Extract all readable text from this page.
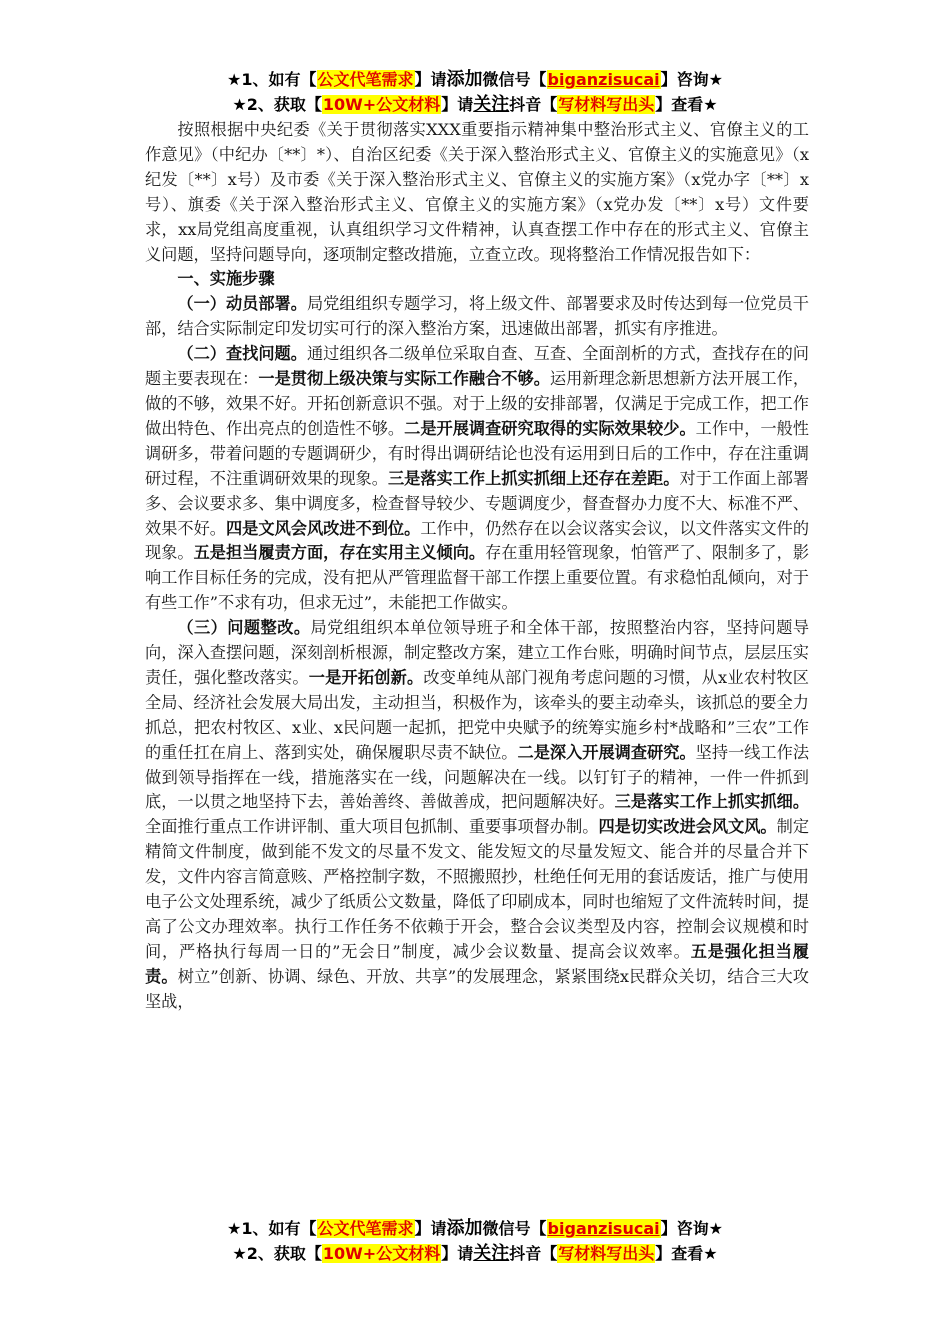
★1、如有【公文代笔需求】请添加微信号【biganzisucai】咨询★
★2、获取【10W+公文材料】请关注抖音【写材料写出头】查看★

按照根据中央纪委《关于贯彻落实XXX重要指示精神集中整治形式主义、官僚主义的工作意见》（中纪办〔**〕*）、自治区纪委《关于深入整治形式主义、官僚主义的实施意见》（x纪发〔**〕x号）及市委《关于深入整治形式主义、官僚主义的实施方案》（x党办字〔**〕x号）、旗委《关于深入整治形式主义、官僚主义的实施方案》（x党办发〔**〕x号）文件要求，xx局党组高度重视，认真组织学习文件精神，认真查摆工作中存在的形式主义、官僚主义问题，坚持问题导向，逐项制定整改措施，立查立改。现将整治工作情况报告如下：

一、实施步骤

（一）动员部署。局党组组织专题学习，将上级文件、部署要求及时传达到每一位党员干部，结合实际制定印发切实可行的深入整治方案，迅速做出部署，抓实有序推进。

（二）查找问题。通过组织各二级单位采取自查、互查、全面剖析的方式，查找存在的问题主要表现在：一是贯彻上级决策与实际工作融合不够。运用新理念新思想新方法开展工作，做的不够，效果不好。开拓创新意识不强。对于上级的安排部署，仅满足于完成工作，把工作做出特色、作出亮点的创造性不够。二是开展调查研究取得的实际效果较少。工作中，一般性调研多，带着问题的专题调研少，有时得出调研结论也没有运用到日后的工作中，存在注重调研过程，不注重调研效果的现象。三是落实工作上抓实抓细上还存在差距。对于工作面上部署多、会议要求多、集中调度多，检查督导较少、专题调度少，督查督办力度不大、标准不严、效果不好。四是文风会风改进不到位。工作中，仍然存在以会议落实会议，以文件落实文件的现象。五是担当履责方面，存在实用主义倾向。存在重用轻管现象，怕管严了、限制多了，影响工作目标任务的完成，没有把从严管理监督干部工作摆上重要位置。有求稳怕乱倾向，对于有些工作”不求有功，但求无过”，未能把工作做实。

（三）问题整改。局党组组织本单位领导班子和全体干部，按照整治内容，坚持问题导向，深入查摆问题，深刻剖析根源，制定整改方案，建立工作台账，明确时间节点，层层压实责任，强化整改落实。一是开拓创新。改变单纯从部门视角考虑问题的习惯，从x业农村牧区全局、经济社会发展大局出发，主动担当，积极作为，该牵头的要主动牵头，该抓总的要全力抓总，把农村牧区、x业、x民问题一起抓，把党中央赋予的统筹实施乡村*战略和”三农”工作的重任扛在肩上、落到实处，确保履职尽责不缺位。二是深入开展调查研究。坚持一线工作法做到领导指挥在一线，措施落实在一线，问题解决在一线。以钉钉子的精神，一件一件抓到底，一以贯之地坚持下去，善始善终、善做善成，把问题解决好。三是落实工作上抓实抓细。全面推行重点工作讲评制、重大项目包抓制、重要事项督办制。四是切实改进会风文风。制定精简文件制度，做到能不发文的尽量不发文、能发短文的尽量发短文、能合并的尽量合并下发，文件内容言简意赅、严格控制字数，不照搬照抄，杜绝任何无用的套话废话，推广与使用电子公文处理系统，减少了纸质公文数量，降低了印刷成本，同时也缩短了文件流转时间，提高了公文办理效率。执行工作任务不依赖于开会，整合会议类型及内容，控制会议规模和时间，严格执行每周一日的”无会日”制度，减少会议数量、提高会议效率。五是强化担当履责。树立”创新、协调、绿色、开放、共享”的发展理念，紧紧围绕x民群众关切，结合三大攻坚战，

★1、如有【公文代笔需求】请添加微信号【biganzisucai】咨询★
★2、获取【10W+公文材料】请关注抖音【写材料写出头】查看★
